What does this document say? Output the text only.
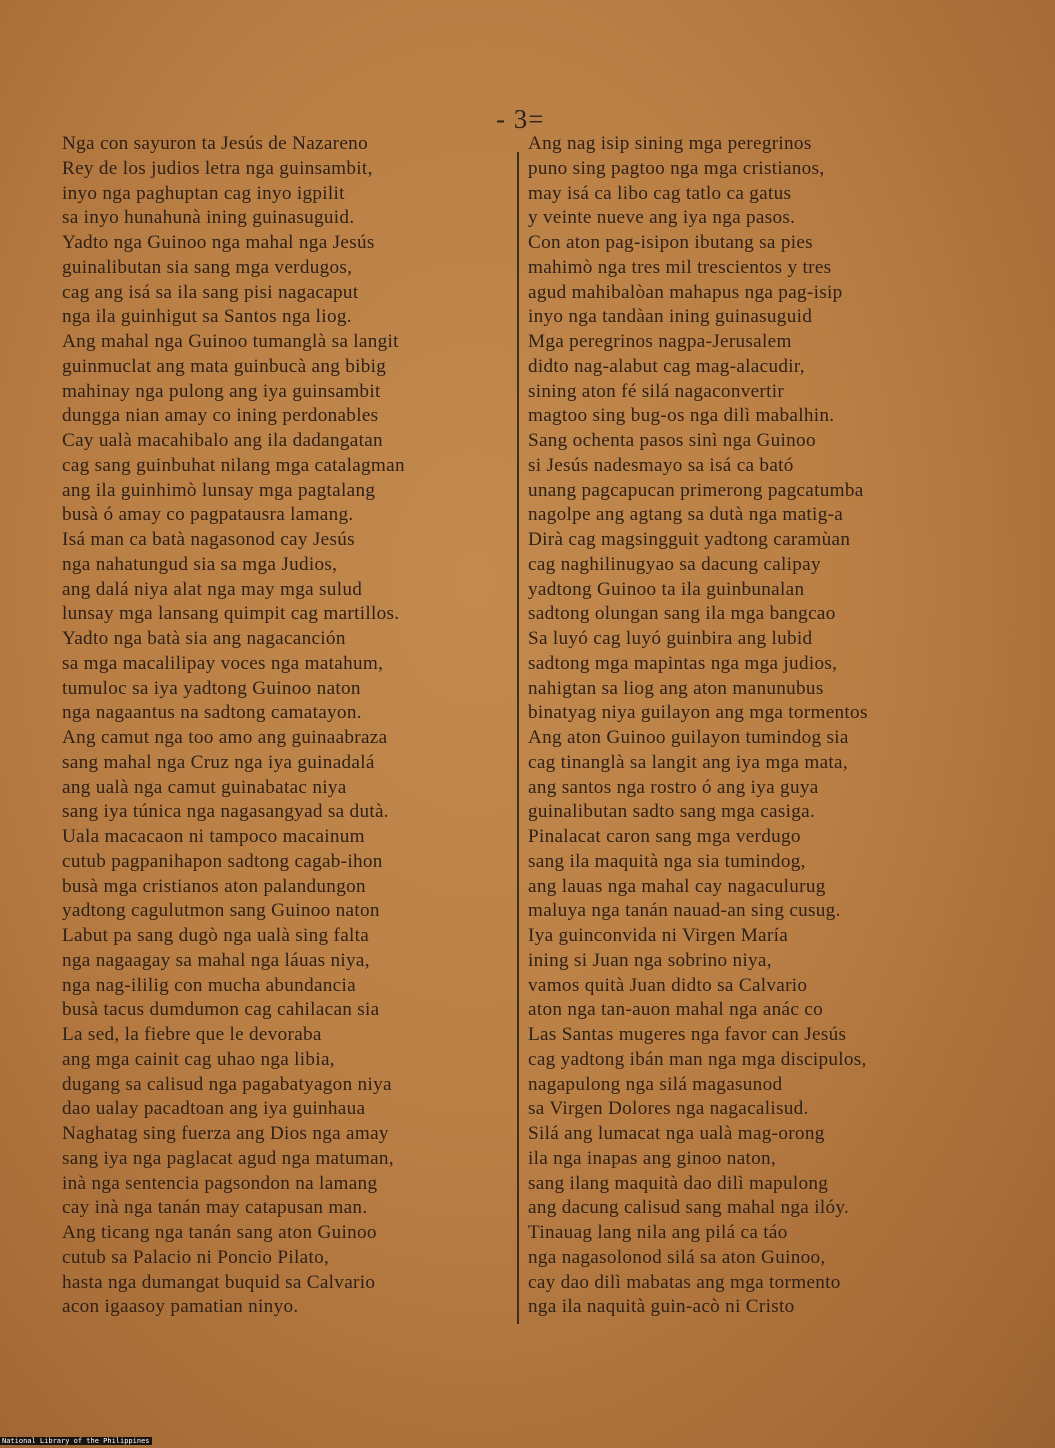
- 3=
Nga con sayuron ta Jesús de Nazareno
Rey de los judios letra nga guinsambit,
inyo nga paghuptan cag inyo igpilit
sa inyo hunahunà ining guinasuguid.
Yadto nga Guinoo nga mahal nga Jesús
guinalibutan sia sang mga verdugos,
cag ang isá sa ila sang pisi nagacaput
nga ila guinhigut sa Santos nga liog.
Ang mahal nga Guinoo tumanglà sa langit
guinmuclat ang mata guinbucà ang bibig
mahinay nga pulong ang iya guinsambit
dungga nian amay co ining perdonables
Cay ualà macahibalo ang ila dadangatan
cag sang guinbuhat nilang mga catalagman
ang ila guinhimò lunsay mga pagtalang
busà ó amay co pagpatausra lamang.
Isá man ca batà nagasonod cay Jesús
nga nahatungud sia sa mga Judios,
ang dalá niya alat nga may mga sulud
lunsay mga lansang quimpit cag martillos.
Yadto nga batà sia ang nagacanción
sa mga macalilipay voces nga matahum,
tumuloc sa iya yadtong Guinoo naton
nga nagaantus na sadtong camatayon.
Ang camut nga too amo ang guinaabraza
sang mahal nga Cruz nga iya guinadalá
ang ualà nga camut guinabatac niya
sang iya túnica nga nagasangyad sa dutà.
Uala macacaon ni tampoco macainum
cutub pagpanihapon sadtong cagab-ihon
busà mga cristianos aton palandungon
yadtong cagulutmon sang Guinoo naton
Labut pa sang dugò nga ualà sing falta
nga nagaagay sa mahal nga láuas niya,
nga nag-ililig con mucha abundancia
busà tacus dumdumon cag cahilacan sia
La sed, la fiebre que le devoraba
ang mga cainit cag uhao nga libia,
dugang sa calisud nga pagabatyagon niya
dao ualay pacadtoan ang iya guinhaua
Naghatag sing fuerza ang Dios nga amay
sang iya nga paglacat agud nga matuman,
inà nga sentencia pagsondon na lamang
cay inà nga tanán may catapusan man.
Ang ticang nga tanán sang aton Guinoo
cutub sa Palacio ni Poncio Pilato,
hasta nga dumangat buquid sa Calvario
acon igaasoy pamatian ninyo.
Ang nag isip sining mga peregrinos
puno sing pagtoo nga mga cristianos,
may isá ca libo cag tatlo ca gatus
y veinte nueve ang iya nga pasos.
Con aton pag-isipon ibutang sa pies
mahimò nga tres mil trescientos y tres
agud mahibalòan mahapus nga pag-isip
inyo nga tandàan ining guinasuguid
Mga peregrinos nagpa-Jerusalem
didto nag-alabut cag mag-alacudir,
sining aton fé silá nagaconvertir
magtoo sing bug-os nga dilì mabalhin.
Sang ochenta pasos sinì nga Guinoo
si Jesús nadesmayo sa isá ca bató
unang pagcapucan primerong pagcatumba
nagolpe ang agtang sa dutà nga matig-a
Dirà cag magsingguit yadtong caramùan
cag naghilinugyao sa dacung calipay
yadtong Guinoo ta ila guinbunalan
sadtong olungan sang ila mga bangcao
Sa luyó cag luyó guinbira ang lubid
sadtong mga mapintas nga mga judios,
nahigtan sa liog ang aton manunubus
binatyag niya guilayon ang mga tormentos
Ang aton Guinoo guilayon tumindog sia
cag tinanglà sa langit ang iya mga mata,
ang santos nga rostro ó ang iya guya
guinalibutan sadto sang mga casiga.
Pinalacat caron sang mga verdugo
sang ila maquità nga sia tumindog,
ang lauas nga mahal cay nagaculurug
maluya nga tanán nauad-an sing cusug.
Iya guinconvida ni Virgen María
ining si Juan nga sobrino niya,
vamos quità Juan didto sa Calvario
aton nga tan-auon mahal nga anác co
Las Santas mugeres nga favor can Jesús
cag yadtong ibán man nga mga discipulos,
nagapulong nga silá magasunod
sa Virgen Dolores nga nagacalisud.
Silá ang lumacat nga ualà mag-orong
ila nga inapas ang ginoo naton,
sang ilang maquità dao dilì mapulong
ang dacung calisud sang mahal nga ilóy.
Tinauag lang nila ang pilá ca táo
nga nagasolonod silá sa aton Guinoo,
cay dao dilì mabatas ang mga tormento
nga ila naquità guin-acò ni Cristo
National Library of the Philippines
